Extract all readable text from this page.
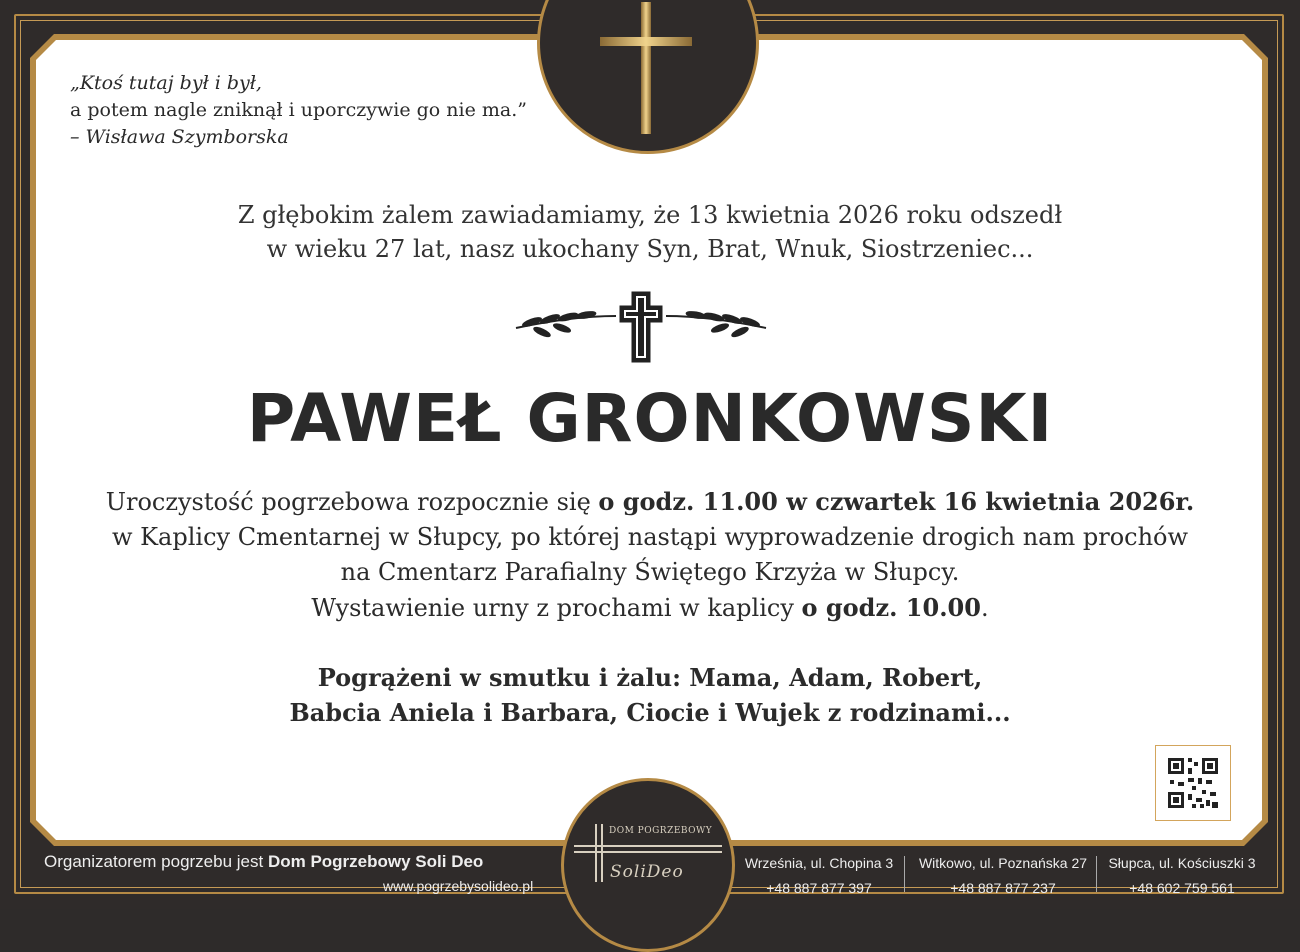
„Ktoś tutaj był i był,
a potem nagle zniknął i uporczywie go nie ma.”
– Wisława Szymborska
Z głębokim żalem zawiadamiamy, że 13 kwietnia 2026 roku odszedł
w wieku 27 lat, nasz ukochany Syn, Brat, Wnuk, Siostrzeniec...
PAWEŁ GRONKOWSKI
Uroczystość pogrzebowa rozpocznie się o godz. 11.00 w czwartek 16 kwietnia 2026r.
w Kaplicy Cmentarnej w Słupcy, po której nastąpi wyprowadzenie drogich nam prochów
na Cmentarz Parafialny Świętego Krzyża w Słupcy.
Wystawienie urny z prochami w kaplicy o godz. 10.00.
Pogrążeni w smutku i żalu: Mama, Adam, Robert,
Babcia Aniela i Barbara, Ciocie i Wujek z rodzinami...
DOM POGRZEBOWY
SoliDeo
Organizatorem pogrzebu jest Dom Pogrzebowy Soli Deo
www.pogrzebysolideo.pl
Września, ul. Chopina 3
+48 887 877 397
Witkowo, ul. Poznańska 27
+48 887 877 237
Słupca, ul. Kościuszki 3
+48 602 759 561
